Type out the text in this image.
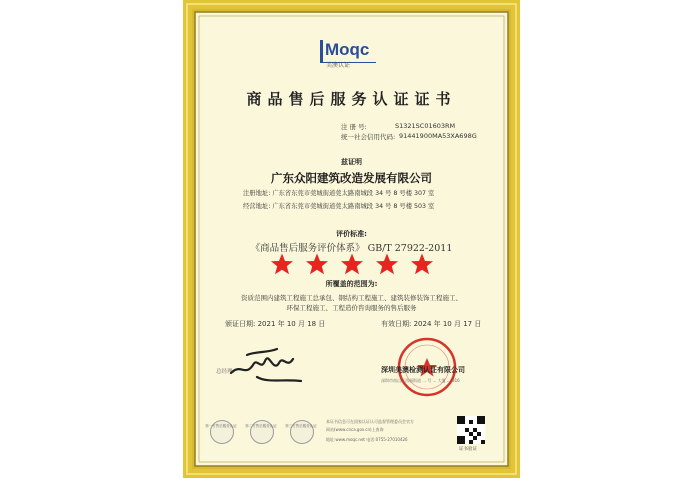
Moqc
美澳认证
商品售后服务认证证书
注 册 号:	S1321SC01603RM
统一社会信用代码: 91441900MA53XA698G
兹证明
广东众阳建筑改造发展有限公司
注册地址: 广东省东莞市莞城街道莞太路南城段 34 号 8 号楼 307 室
经营地址: 广东省东莞市莞城街道莞太路南城段 34 号 8 号楼 503 室
评价标准:
《商品售后服务评价体系》 GB/T 27922-2011
所覆盖的范围为:
资质范围内建筑工程施工总承包、钢结构工程施工、建筑装修装饰工程施工、
环保工程施工、工程造价咨询服务的售后服务
颁证日期: 2021 年 10 月 18 日	有效日期: 2024 年 10 月 17 日
总经理:	深圳美澳检测认证有限公司
深圳市南山区西丽街道 ... 号 ... 大厦 ... 316
第一方售后服务认证	第二方售后服务认证	第三方售后服务认证
本证书信息可在国家认证认可监督管理委员会官方
网站(www.cnca.gov.cn)上查询
地址:www.moqc.net 电话:0755-27010426
证书验证
